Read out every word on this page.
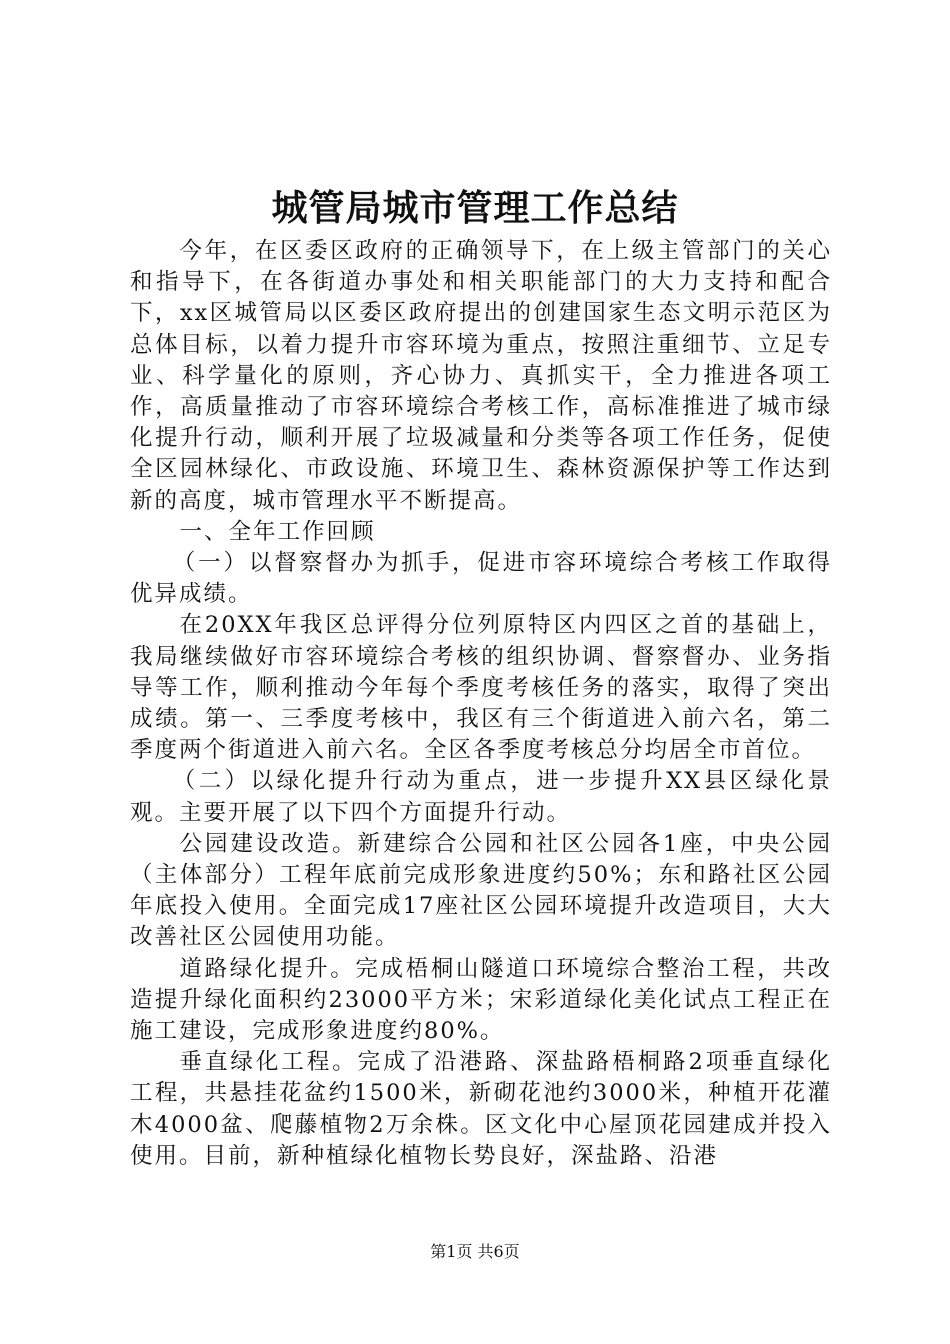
城管局城市管理工作总结

今年，在区委区政府的正确领导下，在上级主管部门的关心和指导下，在各街道办事处和相关职能部门的大力支持和配合下，xx区城管局以区委区政府提出的创建国家生态文明示范区为总体目标，以着力提升市容环境为重点，按照注重细节、立足专业、科学量化的原则，齐心协力、真抓实干，全力推进各项工作，高质量推动了市容环境综合考核工作，高标准推进了城市绿化提升行动，顺利开展了垃圾减量和分类等各项工作任务，促使全区园林绿化、市政设施、环境卫生、森林资源保护等工作达到新的高度，城市管理水平不断提高。

一、全年工作回顾

（一）以督察督办为抓手，促进市容环境综合考核工作取得优异成绩。

在20XX年我区总评得分位列原特区内四区之首的基础上，我局继续做好市容环境综合考核的组织协调、督察督办、业务指导等工作，顺利推动今年每个季度考核任务的落实，取得了突出成绩。第一、三季度考核中，我区有三个街道进入前六名，第二季度两个街道进入前六名。全区各季度考核总分均居全市首位。

（二）以绿化提升行动为重点，进一步提升XX县区绿化景观。主要开展了以下四个方面提升行动。

公园建设改造。新建综合公园和社区公园各1座，中央公园（主体部分）工程年底前完成形象进度约50%；东和路社区公园年底投入使用。全面完成17座社区公园环境提升改造项目，大大改善社区公园使用功能。

道路绿化提升。完成梧桐山隧道口环境综合整治工程，共改造提升绿化面积约23000平方米；宋彩道绿化美化试点工程正在施工建设，完成形象进度约80%。

垂直绿化工程。完成了沿港路、深盐路梧桐路2项垂直绿化工程，共悬挂花盆约1500米，新砌花池约3000米，种植开花灌木4000盆、爬藤植物2万余株。区文化中心屋顶花园建成并投入使用。目前，新种植绿化植物长势良好，深盐路、沿港

第1页 共6页
